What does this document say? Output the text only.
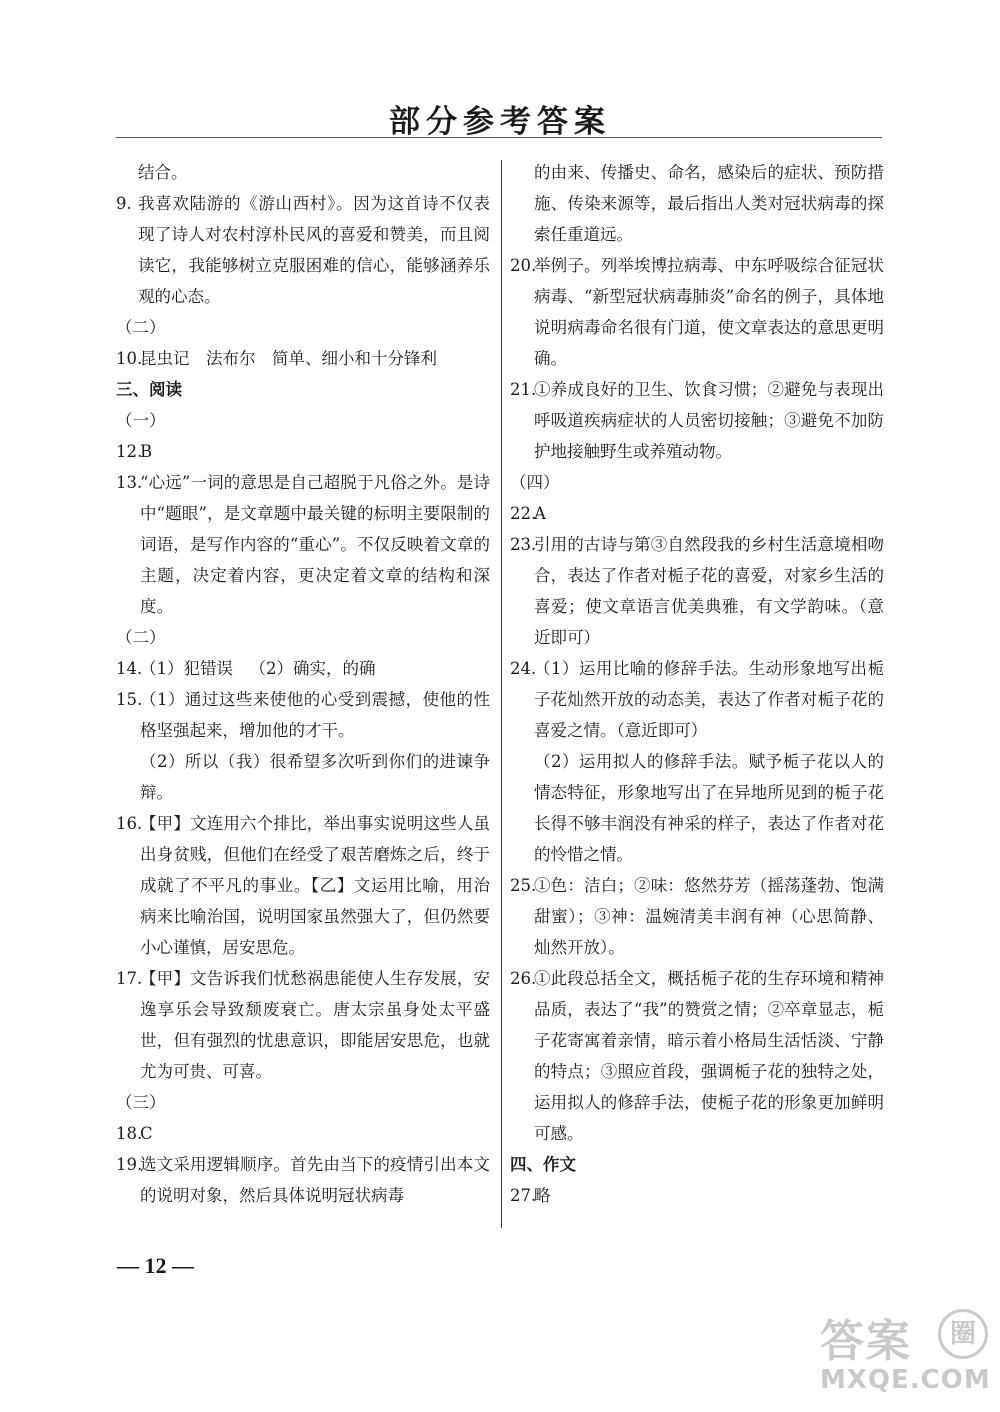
部分参考答案
结合。
9. 我喜欢陆游的《游山西村》。因为这首诗不仅表现了诗人对农村淳朴民风的喜爱和赞美，而且阅读它，我能够树立克服困难的信心，能够涵养乐观的心态。
（二）
10.
昆虫记 法布尔 简单、细小和十分锋利
三、阅读
（一）
12.
B
13.
“心远”一词的意思是自己超脱于凡俗之外。是诗中“题眼”，是文章题中最关键的标明主要限制的词语，是写作内容的“重心”。不仅反映着文章的主题，决定着内容，更决定着文章的结构和深度。
（二）
14.
（1）犯错误 （2）确实，的确
15.
（1）通过这些来使他的心受到震撼，使他的性格坚强起来，增加他的才干。
（2）所以（我）很希望多次听到你们的进谏争辩。
16.
【甲】文连用六个排比，举出事实说明这些人虽出身贫贱，但他们在经受了艰苦磨炼之后，终于成就了不平凡的事业。【乙】文运用比喻，用治病来比喻治国，说明国家虽然强大了，但仍然要小心谨慎，居安思危。
17.
【甲】文告诉我们忧愁祸患能使人生存发展，安逸享乐会导致颓废衰亡。唐太宗虽身处太平盛世，但有强烈的忧患意识，即能居安思危，也就尤为可贵、可喜。
（三）
18.
C
19.
选文采用逻辑顺序。首先由当下的疫情引出本文的说明对象，然后具体说明冠状病毒
的由来、传播史、命名，感染后的症状、预防措施、传染来源等，最后指出人类对冠状病毒的探索任重道远。
20.
举例子。列举埃博拉病毒、中东呼吸综合征冠状病毒、“新型冠状病毒肺炎”命名的例子，具体地说明病毒命名很有门道，使文章表达的意思更明确。
21.
①养成良好的卫生、饮食习惯；②避免与表现出呼吸道疾病症状的人员密切接触；③避免不加防护地接触野生或养殖动物。
（四）
22.
A
23.
引用的古诗与第③自然段我的乡村生活意境相吻合，表达了作者对栀子花的喜爱，对家乡生活的喜爱；使文章语言优美典雅，有文学韵味。（意近即可）
24.
（1）运用比喻的修辞手法。生动形象地写出栀子花灿然开放的动态美，表达了作者对栀子花的喜爱之情。（意近即可）
（2）运用拟人的修辞手法。赋予栀子花以人的情态特征，形象地写出了在异地所见到的栀子花长得不够丰润没有神采的样子，表达了作者对花的怜惜之情。
25.
①色：洁白；②味：悠然芬芳（摇荡蓬勃、饱满甜蜜）；③神：温婉清美丰润有神（心思简静、灿然开放）。
26.
①此段总括全文，概括栀子花的生存环境和精神品质，表达了“我”的赞赏之情；②卒章显志，栀子花寄寓着亲情，暗示着小格局生活恬淡、宁静的特点；③照应首段，强调栀子花的独特之处，运用拟人的修辞手法，使栀子花的形象更加鲜明可感。
四、作文
27.
略
— 12 —
答案	圈
MXQE.COM
